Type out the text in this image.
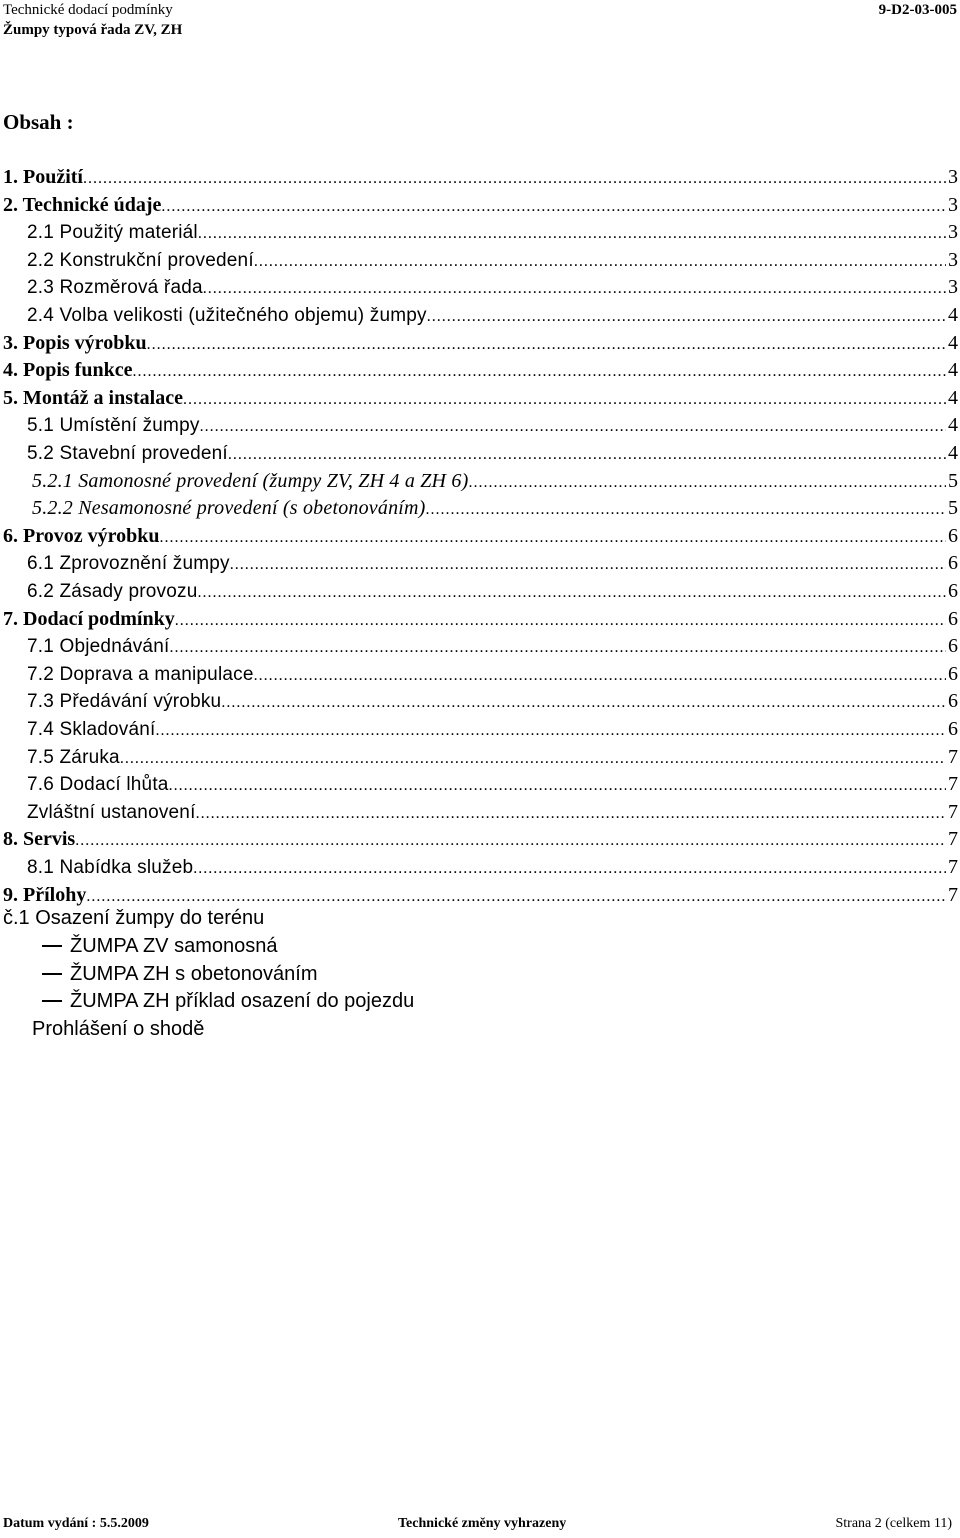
Technické dodací podmínky
Žumpy typová řada ZV, ZH
9-D2-03-005
Obsah :
1. Použití .....	3
2. Technické údaje .....	3
2.1 Použitý materiál .....	3
2.2 Konstrukční provedení .....	3
2.3 Rozměrová řada .....	3
2.4 Volba velikosti (užitečného objemu) žumpy .....	4
3. Popis výrobku .....	4
4. Popis funkce .....	4
5. Montáž a instalace .....	4
5.1 Umístění žumpy .....	4
5.2 Stavební provedení .....	4
5.2.1 Samonosné provedení (žumpy ZV, ZH 4 a ZH 6) .....	5
5.2.2 Nesamonosné provedení (s obetonováním) .....	5
6. Provoz výrobku .....	6
6.1 Zprovoznění žumpy .....	6
6.2 Zásady provozu .....	6
7. Dodací podmínky .....	6
7.1 Objednávání .....	6
7.2 Doprava a manipulace .....	6
7.3 Předávání výrobku .....	6
7.4 Skladování .....	6
7.5 Záruka .....	7
7.6 Dodací lhůta .....	7
Zvláštní ustanovení .....	7
8. Servis .....	7
8.1 Nabídka služeb .....	7
9. Přílohy .....	7
č.1 Osazení žumpy do terénu
ŽUMPA ZV samonosná
ŽUMPA ZH s obetonováním
ŽUMPA ZH příklad osazení do pojezdu
Prohlášení o shodě
Datum vydání : 5.5.2009	Technické změny vyhrazeny	Strana 2 (celkem 11)
